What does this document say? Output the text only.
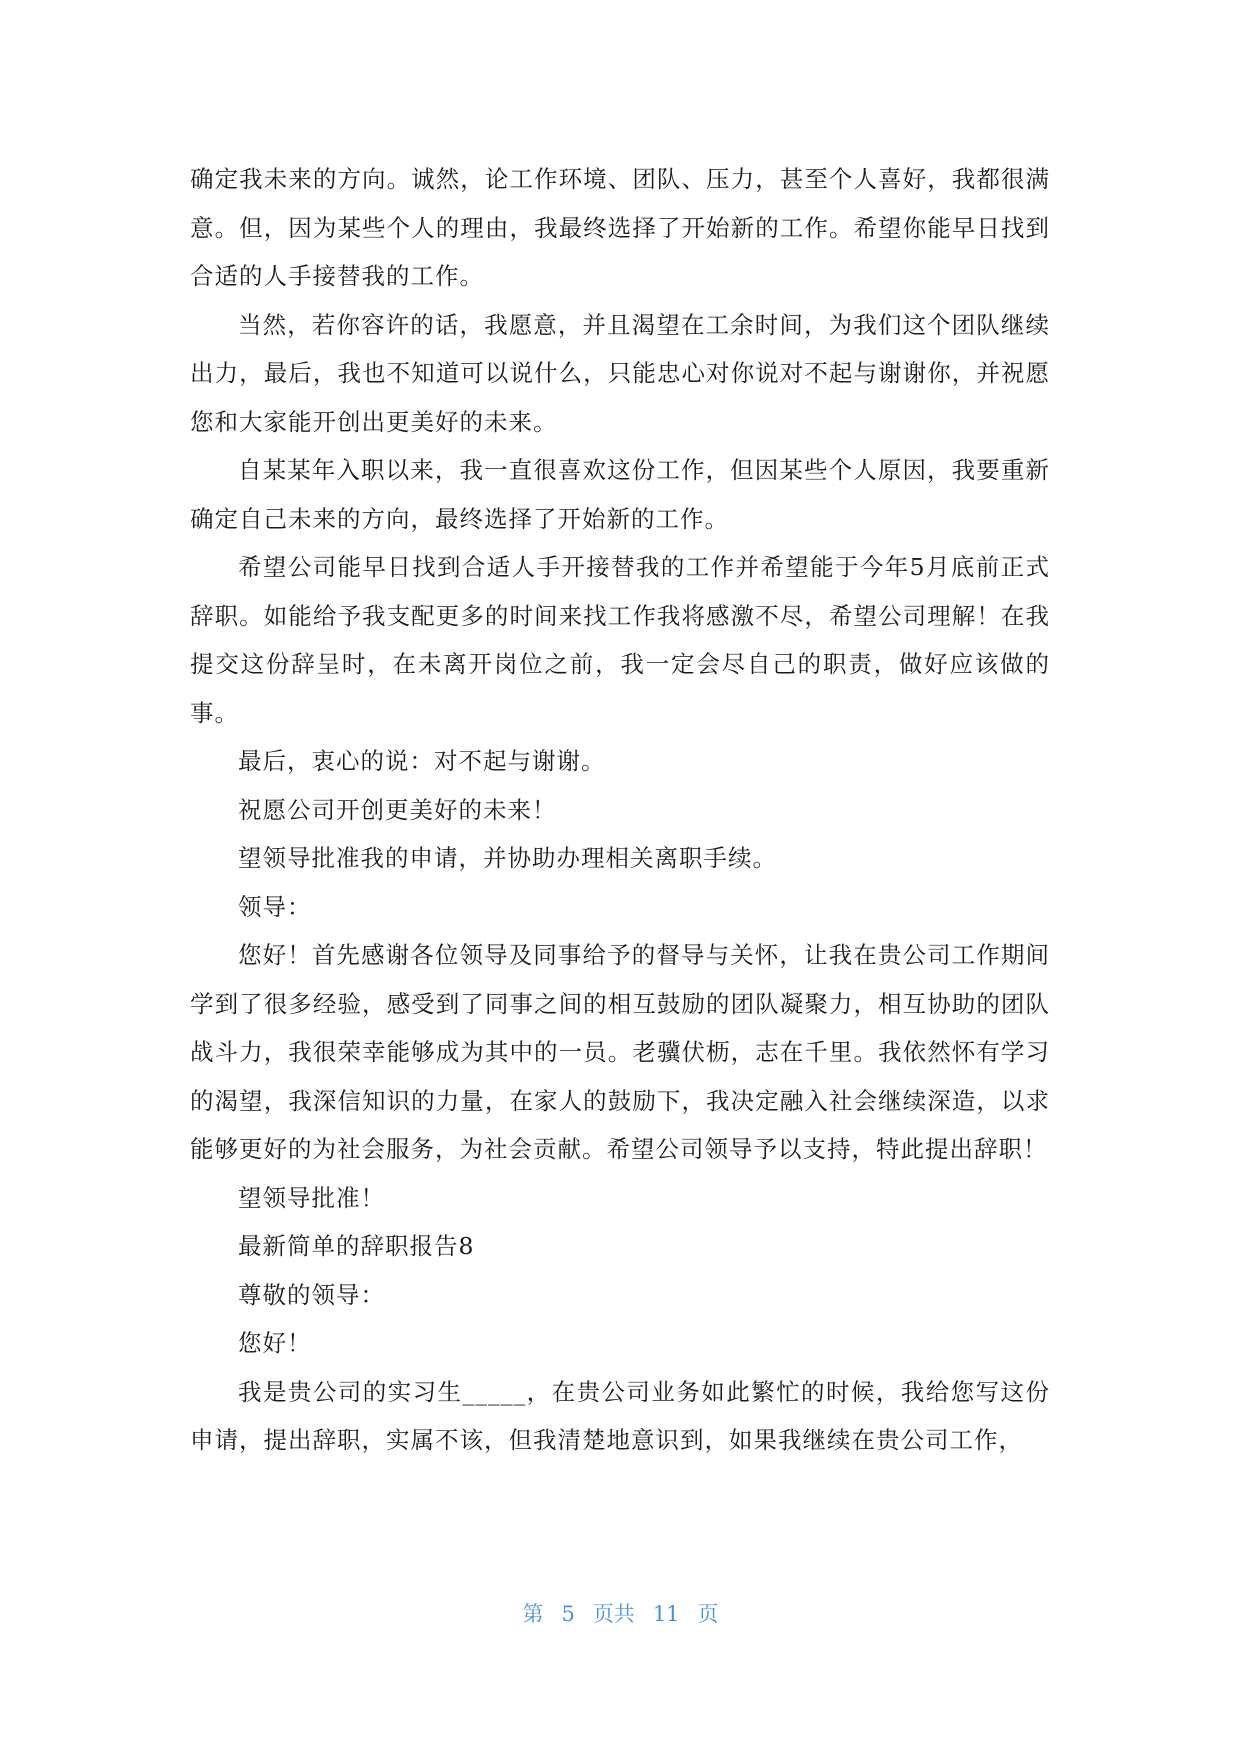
确定我未来的方向。诚然，论工作环境、团队、压力，甚至个人喜好，我都很满意。但，因为某些个人的理由，我最终选择了开始新的工作。希望你能早日找到合适的人手接替我的工作。

当然，若你容许的话，我愿意，并且渴望在工余时间，为我们这个团队继续出力，最后，我也不知道可以说什么，只能忠心对你说对不起与谢谢你，并祝愿您和大家能开创出更美好的未来。

自某某年入职以来，我一直很喜欢这份工作，但因某些个人原因，我要重新确定自己未来的方向，最终选择了开始新的工作。

希望公司能早日找到合适人手开接替我的工作并希望能于今年5月底前正式辞职。如能给予我支配更多的时间来找工作我将感激不尽，希望公司理解！在我提交这份辞呈时，在未离开岗位之前，我一定会尽自己的职责，做好应该做的事。

最后，衷心的说：对不起与谢谢。

祝愿公司开创更美好的未来！

望领导批准我的申请，并协助办理相关离职手续。

领导：

您好！首先感谢各位领导及同事给予的督导与关怀，让我在贵公司工作期间学到了很多经验，感受到了同事之间的相互鼓励的团队凝聚力，相互协助的团队战斗力，我很荣幸能够成为其中的一员。老骥伏枥，志在千里。我依然怀有学习的渴望，我深信知识的力量，在家人的鼓励下，我决定融入社会继续深造，以求能够更好的为社会服务，为社会贡献。希望公司领导予以支持，特此提出辞职！

望领导批准！

最新简单的辞职报告8

尊敬的领导：

您好！

我是贵公司的实习生_____，在贵公司业务如此繁忙的时候，我给您写这份申请，提出辞职，实属不该，但我清楚地意识到，如果我继续在贵公司工作，

第 5 页共 11 页
